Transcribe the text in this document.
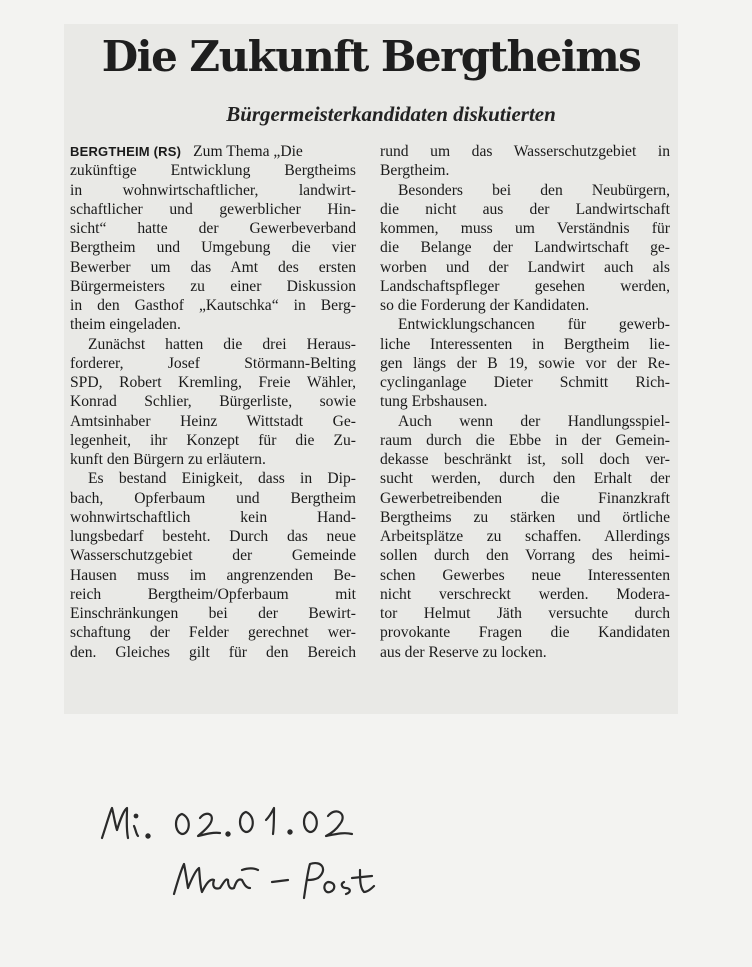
Die Zukunft Bergtheims
Bürgermeisterkandidaten diskutierten
BERGTHEIM (RS) Zum Thema „Die
zukünftige Entwicklung Bergtheims
in wohnwirtschaftlicher, landwirt-
schaftlicher und gewerblicher Hin-
sicht“ hatte der Gewerbeverband
Bergtheim und Umgebung die vier
Bewerber um das Amt des ersten
Bürgermeisters zu einer Diskussion
in den Gasthof „Kautschka“ in Berg-
theim eingeladen.
Zunächst hatten die drei Heraus-
forderer, Josef Störmann-Belting
SPD, Robert Kremling, Freie Wähler,
Konrad Schlier, Bürgerliste, sowie
Amtsinhaber Heinz Wittstadt Ge-
legenheit, ihr Konzept für die Zu-
kunft den Bürgern zu erläutern.
Es bestand Einigkeit, dass in Dip-
bach, Opferbaum und Bergtheim
wohnwirtschaftlich kein Hand-
lungsbedarf besteht. Durch das neue
Wasserschutzgebiet der Gemeinde
Hausen muss im angrenzenden Be-
reich Bergtheim/Opferbaum mit
Einschränkungen bei der Bewirt-
schaftung der Felder gerechnet wer-
den. Gleiches gilt für den Bereich
rund um das Wasserschutzgebiet in
Bergtheim.
Besonders bei den Neubürgern,
die nicht aus der Landwirtschaft
kommen, muss um Verständnis für
die Belange der Landwirtschaft ge-
worben und der Landwirt auch als
Landschaftspfleger gesehen werden,
so die Forderung der Kandidaten.
Entwicklungschancen für gewerb-
liche Interessenten in Bergtheim lie-
gen längs der B 19, sowie vor der Re-
cyclinganlage Dieter Schmitt Rich-
tung Erbshausen.
Auch wenn der Handlungsspiel-
raum durch die Ebbe in der Gemein-
dekasse beschränkt ist, soll doch ver-
sucht werden, durch den Erhalt der
Gewerbetreibenden die Finanzkraft
Bergtheims zu stärken und örtliche
Arbeitsplätze zu schaffen. Allerdings
sollen durch den Vorrang des heimi-
schen Gewerbes neue Interessenten
nicht verschreckt werden. Modera-
tor Helmut Jäth versuchte durch
provokante Fragen die Kandidaten
aus der Reserve zu locken.
